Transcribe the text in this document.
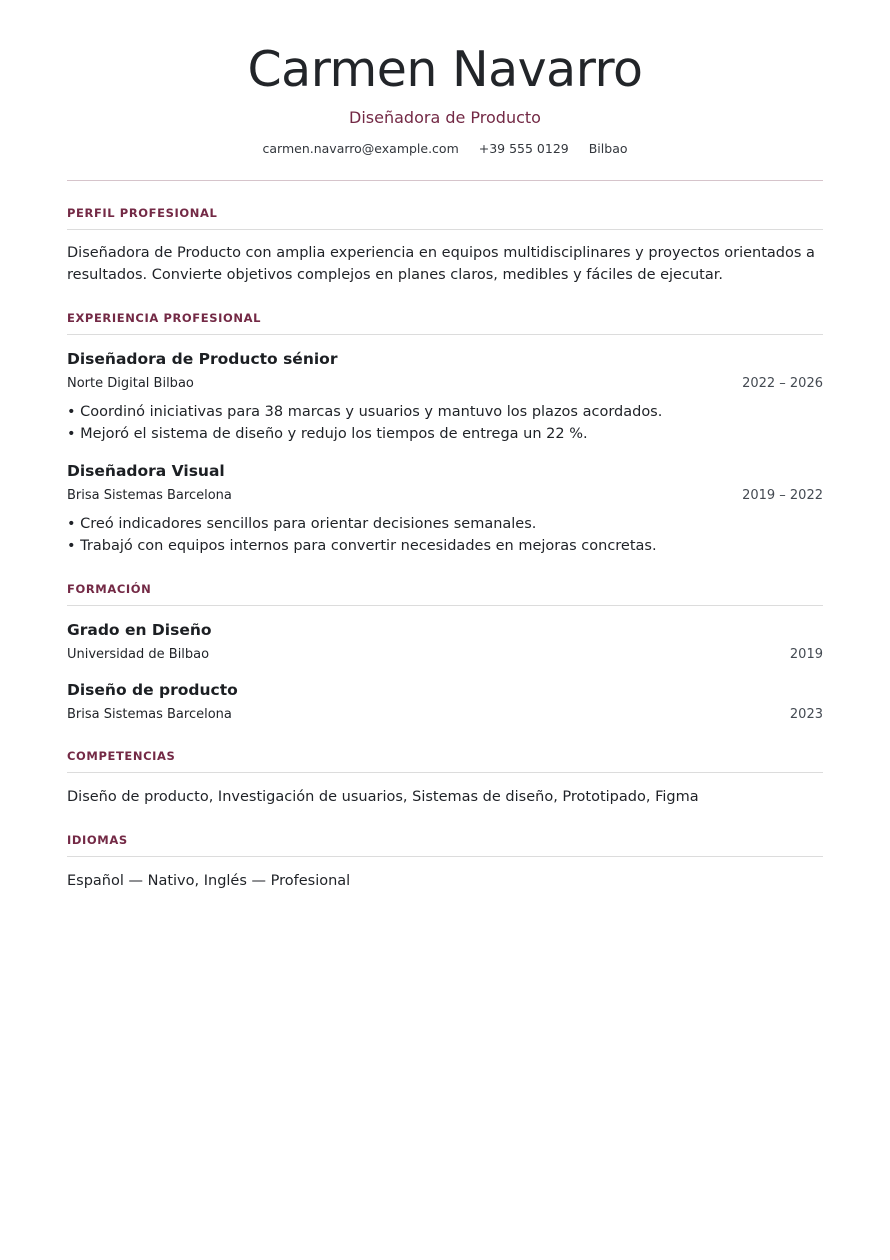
Carmen Navarro
Diseñadora de Producto
carmen.navarro@example.com +39 555 0129 Bilbao
PERFIL PROFESIONAL
Diseñadora de Producto con amplia experiencia en equipos multidisciplinares y proyectos orientados a resultados. Convierte objetivos complejos en planes claros, medibles y fáciles de ejecutar.
EXPERIENCIA PROFESIONAL
Diseñadora de Producto sénior
Norte Digital Bilbao	2022 – 2026
• Coordinó iniciativas para 38 marcas y usuarios y mantuvo los plazos acordados.
• Mejoró el sistema de diseño y redujo los tiempos de entrega un 22 %.
Diseñadora Visual
Brisa Sistemas Barcelona	2019 – 2022
• Creó indicadores sencillos para orientar decisiones semanales.
• Trabajó con equipos internos para convertir necesidades en mejoras concretas.
FORMACIÓN
Grado en Diseño
Universidad de Bilbao	2019
Diseño de producto
Brisa Sistemas Barcelona	2023
COMPETENCIAS
Diseño de producto, Investigación de usuarios, Sistemas de diseño, Prototipado, Figma
IDIOMAS
Español — Nativo, Inglés — Profesional
